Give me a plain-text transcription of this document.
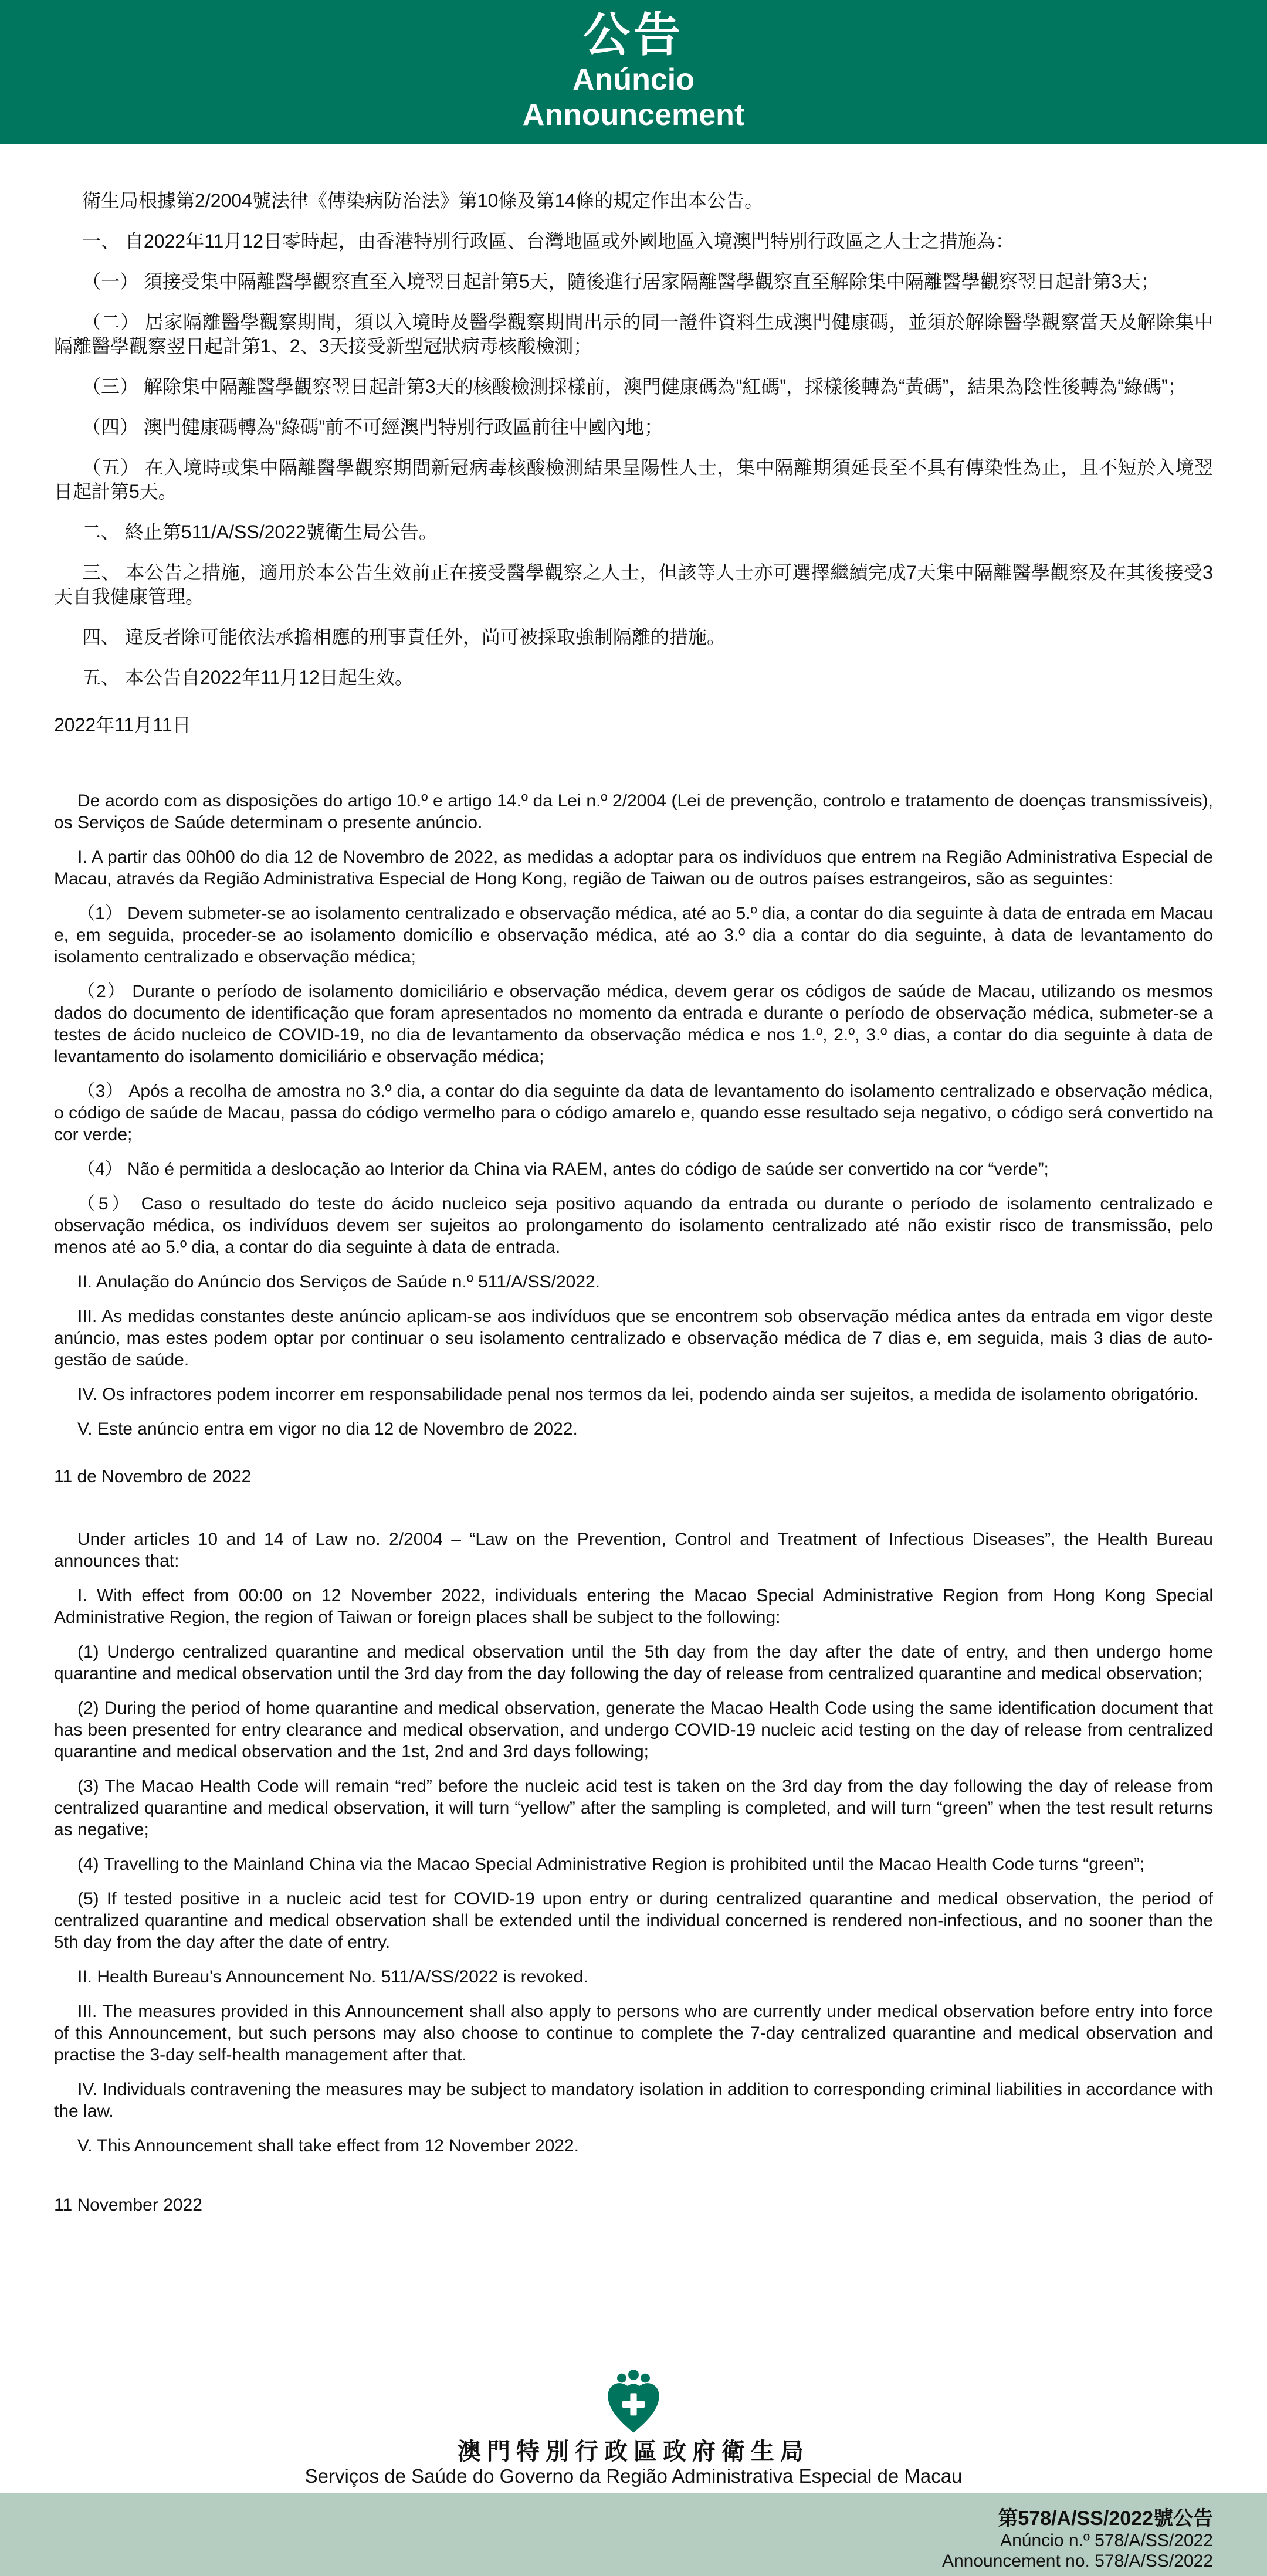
公告
Anúncio
Announcement

衛生局根據第2/2004號法律《傳染病防治法》第10條及第14條的規定作出本公告。

一、 自2022年11月12日零時起，由香港特別行政區、台灣地區或外國地區入境澳門特別行政區之人士之措施為：

（一） 須接受集中隔離醫學觀察直至入境翌日起計第5天，隨後進行居家隔離醫學觀察直至解除集中隔離醫學觀察翌日起計第3天；

（二） 居家隔離醫學觀察期間，須以入境時及醫學觀察期間出示的同一證件資料生成澳門健康碼，並須於解除醫學觀察當天及解除集中隔離醫學觀察翌日起計第1、2、3天接受新型冠狀病毒核酸檢測；

（三） 解除集中隔離醫學觀察翌日起計第3天的核酸檢測採樣前，澳門健康碼為“紅碼”，採樣後轉為“黃碼”，結果為陰性後轉為“綠碼”；

（四） 澳門健康碼轉為“綠碼”前不可經澳門特別行政區前往中國內地；

（五） 在入境時或集中隔離醫學觀察期間新冠病毒核酸檢測結果呈陽性人士，集中隔離期須延長至不具有傳染性為止，且不短於入境翌日起計第5天。

二、 終止第511/A/SS/2022號衛生局公告。

三、 本公告之措施，適用於本公告生效前正在接受醫學觀察之人士，但該等人士亦可選擇繼續完成7天集中隔離醫學觀察及在其後接受3天自我健康管理。

四、 違反者除可能依法承擔相應的刑事責任外，尚可被採取強制隔離的措施。

五、 本公告自2022年11月12日起生效。

2022年11月11日

De acordo com as disposições do artigo 10.º e artigo 14.º da Lei n.º 2/2004 (Lei de prevenção, controlo e tratamento de doenças transmissíveis), os Serviços de Saúde determinam o presente anúncio.

I. A partir das 00h00 do dia 12 de Novembro de 2022, as medidas a adoptar para os indivíduos que entrem na Região Administrativa Especial de Macau, através da Região Administrativa Especial de Hong Kong, região de Taiwan ou de outros países estrangeiros, são as seguintes:

（1） Devem submeter-se ao isolamento centralizado e observação médica, até ao 5.º dia, a contar do dia seguinte à data de entrada em Macau e, em seguida, proceder-se ao isolamento domicílio e observação médica, até ao 3.º dia a contar do dia seguinte, à data de levantamento do isolamento centralizado e observação médica;

（2） Durante o período de isolamento domiciliário e observação médica, devem gerar os códigos de saúde de Macau, utilizando os mesmos dados do documento de identificação que foram apresentados no momento da entrada e durante o período de observação médica, submeter-se a testes de ácido nucleico de COVID-19, no dia de levantamento da observação médica e nos 1.º, 2.º, 3.º dias, a contar do dia seguinte à data de levantamento do isolamento domiciliário e observação médica;

（3） Após a recolha de amostra no 3.º dia, a contar do dia seguinte da data de levantamento do isolamento centralizado e observação médica, o código de saúde de Macau, passa do código vermelho para o código amarelo e, quando esse resultado seja negativo, o código será convertido na cor verde;

（4） Não é permitida a deslocação ao Interior da China via RAEM, antes do código de saúde ser convertido na cor “verde”;

（5） Caso o resultado do teste do ácido nucleico seja positivo aquando da entrada ou durante o período de isolamento centralizado e observação médica, os indivíduos devem ser sujeitos ao prolongamento do isolamento centralizado até não existir risco de transmissão, pelo menos até ao 5.º dia, a contar do dia seguinte à data de entrada.

II. Anulação do Anúncio dos Serviços de Saúde n.º 511/A/SS/2022.

III. As medidas constantes deste anúncio aplicam-se aos indivíduos que se encontrem sob observação médica antes da entrada em vigor deste anúncio, mas estes podem optar por continuar o seu isolamento centralizado e observação médica de 7 dias e, em seguida, mais 3 dias de auto-gestão de saúde.

IV. Os infractores podem incorrer em responsabilidade penal nos termos da lei, podendo ainda ser sujeitos, a medida de isolamento obrigatório.

V. Este anúncio entra em vigor no dia 12 de Novembro de 2022.

11 de Novembro de 2022

Under articles 10 and 14 of Law no. 2/2004 – “Law on the Prevention, Control and Treatment of Infectious Diseases”, the Health Bureau announces that:

I. With effect from 00:00 on 12 November 2022, individuals entering the Macao Special Administrative Region from Hong Kong Special Administrative Region, the region of Taiwan or foreign places shall be subject to the following:

(1) Undergo centralized quarantine and medical observation until the 5th day from the day after the date of entry, and then undergo home quarantine and medical observation until the 3rd day from the day following the day of release from centralized quarantine and medical observation;

(2) During the period of home quarantine and medical observation, generate the Macao Health Code using the same identification document that has been presented for entry clearance and medical observation, and undergo COVID-19 nucleic acid testing on the day of release from centralized quarantine and medical observation and the 1st, 2nd and 3rd days following;

(3) The Macao Health Code will remain “red” before the nucleic acid test is taken on the 3rd day from the day following the day of release from centralized quarantine and medical observation, it will turn “yellow” after the sampling is completed, and will turn “green” when the test result returns as negative;

(4) Travelling to the Mainland China via the Macao Special Administrative Region is prohibited until the Macao Health Code turns “green”;

(5) If tested positive in a nucleic acid test for COVID-19 upon entry or during centralized quarantine and medical observation, the period of centralized quarantine and medical observation shall be extended until the individual concerned is rendered non-infectious, and no sooner than the 5th day from the day after the date of entry.

II. Health Bureau's Announcement No. 511/A/SS/2022 is revoked.

III. The measures provided in this Announcement shall also apply to persons who are currently under medical observation before entry into force of this Announcement, but such persons may also choose to continue to complete the 7-day centralized quarantine and medical observation and practise the 3-day self-health management after that.

IV. Individuals contravening the measures may be subject to mandatory isolation in addition to corresponding criminal liabilities in accordance with the law.

V. This Announcement shall take effect from 12 November 2022.

11 November 2022

澳門特別行政區政府衛生局
Serviços de Saúde do Governo da Região Administrativa Especial de Macau
第578/A/SS/2022號公告
Anúncio n.º 578/A/SS/2022
Announcement no. 578/A/SS/2022
